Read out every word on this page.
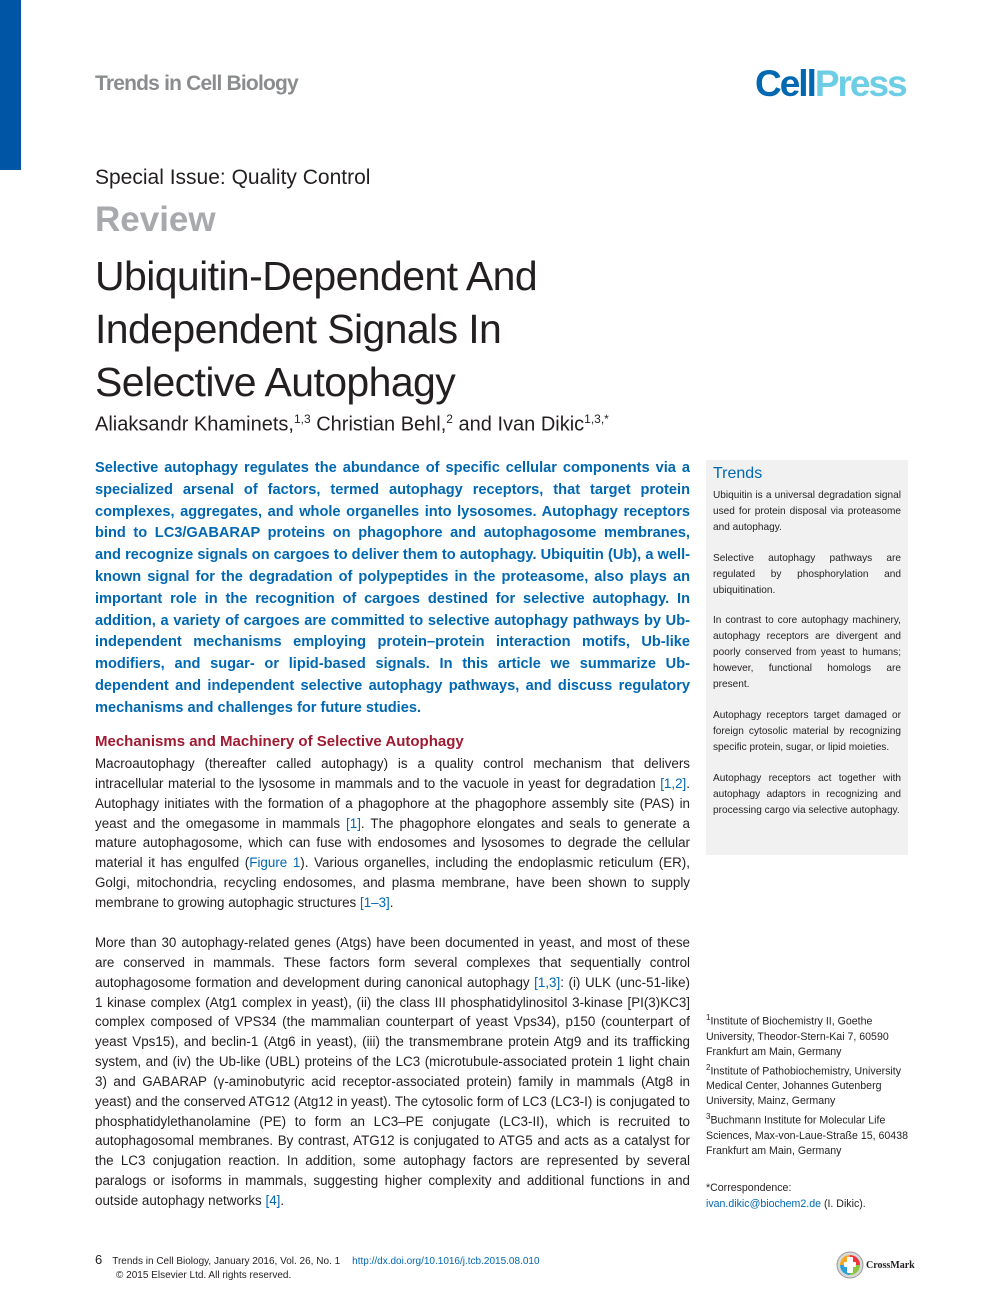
Trends in Cell Biology	CellPress
Special Issue: Quality Control
Review
Ubiquitin-Dependent And Independent Signals In Selective Autophagy
Aliaksandr Khaminets,$^{1,3}$ Christian Behl,$^2$ and Ivan Dikic$^{1,3,*}$
Selective autophagy regulates the abundance of specific cellular components via a specialized arsenal of factors, termed autophagy receptors, that target protein complexes, aggregates, and whole organelles into lysosomes. Autophagy receptors bind to LC3/GABARAP proteins on phagophore and autophagosome membranes, and recognize signals on cargoes to deliver them to autophagy. Ubiquitin (Ub), a well-known signal for the degradation of polypeptides in the proteasome, also plays an important role in the recognition of cargoes destined for selective autophagy. In addition, a variety of cargoes are committed to selective autophagy pathways by Ub-independent mechanisms employing protein–protein interaction motifs, Ub-like modifiers, and sugar- or lipid-based signals. In this article we summarize Ub-dependent and independent selective autophagy pathways, and discuss regulatory mechanisms and challenges for future studies.
Mechanisms and Machinery of Selective Autophagy

Macroautophagy (thereafter called autophagy) is a quality control mechanism that delivers intracellular material to the lysosome in mammals and to the vacuole in yeast for degradation [1,2]. Autophagy initiates with the formation of a phagophore at the phagophore assembly site (PAS) in yeast and the omegasome in mammals [1]. The phagophore elongates and seals to generate a mature autophagosome, which can fuse with endosomes and lysosomes to degrade the cellular material it has engulfed (Figure 1). Various organelles, including the endoplasmic reticulum (ER), Golgi, mitochondria, recycling endosomes, and plasma membrane, have been shown to supply membrane to growing autophagic structures [1–3].

More than 30 autophagy-related genes (Atgs) have been documented in yeast, and most of these are conserved in mammals. These factors form several complexes that sequentially control autophagosome formation and development during canonical autophagy [1,3]: (i) ULK (unc-51-like) 1 kinase complex (Atg1 complex in yeast), (ii) the class III phosphatidylinositol 3-kinase [PI(3)KC3] complex composed of VPS34 (the mammalian counterpart of yeast Vps34), p150 (counterpart of yeast Vps15), and beclin-1 (Atg6 in yeast), (iii) the transmembrane protein Atg9 and its trafficking system, and (iv) the Ub-like (UBL) proteins of the LC3 (microtubule-associated protein 1 light chain 3) and GABARAP (γ-aminobutyric acid receptor-associated protein) family in mammals (Atg8 in yeast) and the conserved ATG12 (Atg12 in yeast). The cytosolic form of LC3 (LC3-I) is conjugated to phosphatidylethanolamine (PE) to form an LC3–PE conjugate (LC3-II), which is recruited to autophagosomal membranes. By contrast, ATG12 is conjugated to ATG5 and acts as a catalyst for the LC3 conjugation reaction. In addition, some autophagy factors are represented by several paralogs or isoforms in mammals, suggesting higher complexity and additional functions in and outside autophagy networks [4].

Trends
Ubiquitin is a universal degradation signal used for protein disposal via proteasome and autophagy.
Selective autophagy pathways are regulated by phosphorylation and ubiquitination.
In contrast to core autophagy machinery, autophagy receptors are divergent and poorly conserved from yeast to humans; however, functional homologs are present.
Autophagy receptors target damaged or foreign cytosolic material by recognizing specific protein, sugar, or lipid moieties.
Autophagy receptors act together with autophagy adaptors in recognizing and processing cargo via selective autophagy.
$^1$Institute of Biochemistry II, Goethe University, Theodor-Stern-Kai 7, 60590 Frankfurt am Main, Germany
$^2$Institute of Pathobiochemistry, University Medical Center, Johannes Gutenberg University, Mainz, Germany
$^3$Buchmann Institute for Molecular Life Sciences, Max-von-Laue-Straße 15, 60438 Frankfurt am Main, Germany
*Correspondence:
ivan.dikic@biochem2.de (I. Dikic).
6 Trends in Cell Biology, January 2016, Vol. 26, No. 1 http://dx.doi.org/10.1016/j.tcb.2015.08.010
© 2015 Elsevier Ltd. All rights reserved.
CrossMark
